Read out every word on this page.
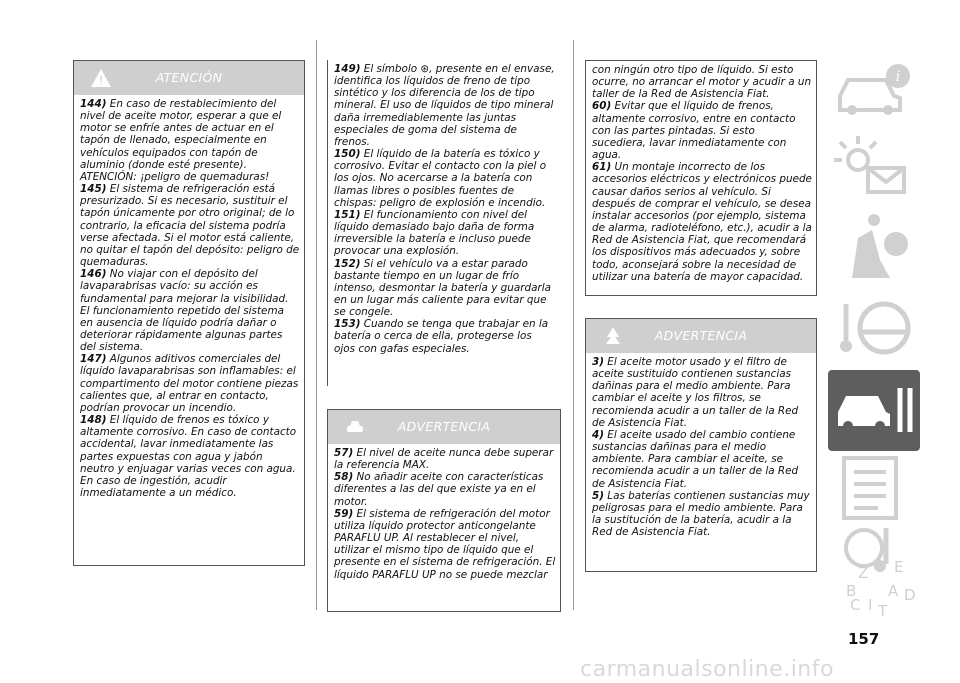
!	ATENCIÓN

144) En caso de restablecimiento del nivel de aceite motor, esperar a que el motor se enfríe antes de actuar en el tapón de llenado, especialmente en vehículos equipados con tapón de aluminio (donde esté presente). ATENCIÓN: ¡peligro de quemaduras!

145) El sistema de refrigeración está presurizado. Si es necesario, sustituir el tapón únicamente por otro original; de lo contrario, la eficacia del sistema podría verse afectada. Si el motor está caliente, no quitar el tapón del depósito: peligro de quemaduras.

146) No viajar con el depósito del lavaparabrisas vacío: su acción es fundamental para mejorar la visibilidad. El funcionamiento repetido del sistema en ausencia de líquido podría dañar o deteriorar rápidamente algunas partes del sistema.

147) Algunos aditivos comerciales del líquido lavaparabrisas son inflamables: el compartimento del motor contiene piezas calientes que, al entrar en contacto, podrían provocar un incendio.

148) El líquido de frenos es tóxico y altamente corrosivo. En caso de contacto accidental, lavar inmediatamente las partes expuestas con agua y jabón neutro y enjuagar varias veces con agua. En caso de ingestión, acudir inmediatamente a un médico.

149) El símbolo ⊛, presente en el envase, identifica los líquidos de freno de tipo sintético y los diferencia de los de tipo mineral. El uso de líquidos de tipo mineral daña irremediablemente las juntas especiales de goma del sistema de frenos.

150) El líquido de la batería es tóxico y corrosivo. Evitar el contacto con la piel o los ojos. No acercarse a la batería con llamas libres o posibles fuentes de chispas: peligro de explosión e incendio.

151) El funcionamiento con nivel del líquido demasiado bajo daña de forma irreversible la batería e incluso puede provocar una explosión.

152) Si el vehículo va a estar parado bastante tiempo en un lugar de frío intenso, desmontar la batería y guardarla en un lugar más caliente para evitar que se congele.

153) Cuando se tenga que trabajar en la batería o cerca de ella, protegerse los ojos con gafas especiales.

ADVERTENCIA

57) El nivel de aceite nunca debe superar la referencia MAX.

58) No añadir aceite con características diferentes a las del que existe ya en el motor.

59) El sistema de refrigeración del motor utiliza líquido protector anticongelante PARAFLU UP. Al restablecer el nivel, utilizar el mismo tipo de líquido que el presente en el sistema de refrigeración. El líquido PARAFLU UP no se puede mezclar

con ningún otro tipo de líquido. Si esto ocurre, no arrancar el motor y acudir a un taller de la Red de Asistencia Fiat.

60) Evitar que el líquido de frenos, altamente corrosivo, entre en contacto con las partes pintadas. Si esto sucediera, lavar inmediatamente con agua.

61) Un montaje incorrecto de los accesorios eléctricos y electrónicos puede causar daños serios al vehículo. Si después de comprar el vehículo, se desea instalar accesorios (por ejemplo, sistema de alarma, radioteléfono, etc.), acudir a la Red de Asistencia Fiat, que recomendará los dispositivos más adecuados y, sobre todo, aconsejará sobre la necesidad de utilizar una batería de mayor capacidad.

ADVERTENCIA

3) El aceite motor usado y el filtro de aceite sustituido contienen sustancias dañinas para el medio ambiente. Para cambiar el aceite y los filtros, se recomienda acudir a un taller de la Red de Asistencia Fiat.

4) El aceite usado del cambio contiene sustancias dañinas para el medio ambiente. Para cambiar el aceite, se recomienda acudir a un taller de la Red de Asistencia Fiat.

5) Las baterías contienen sustancias muy peligrosas para el medio ambiente. Para la sustitución de la batería, acudir a la Red de Asistencia Fiat.

i
Z E
B A
C I
D
T
157
carmanualsonline.info
